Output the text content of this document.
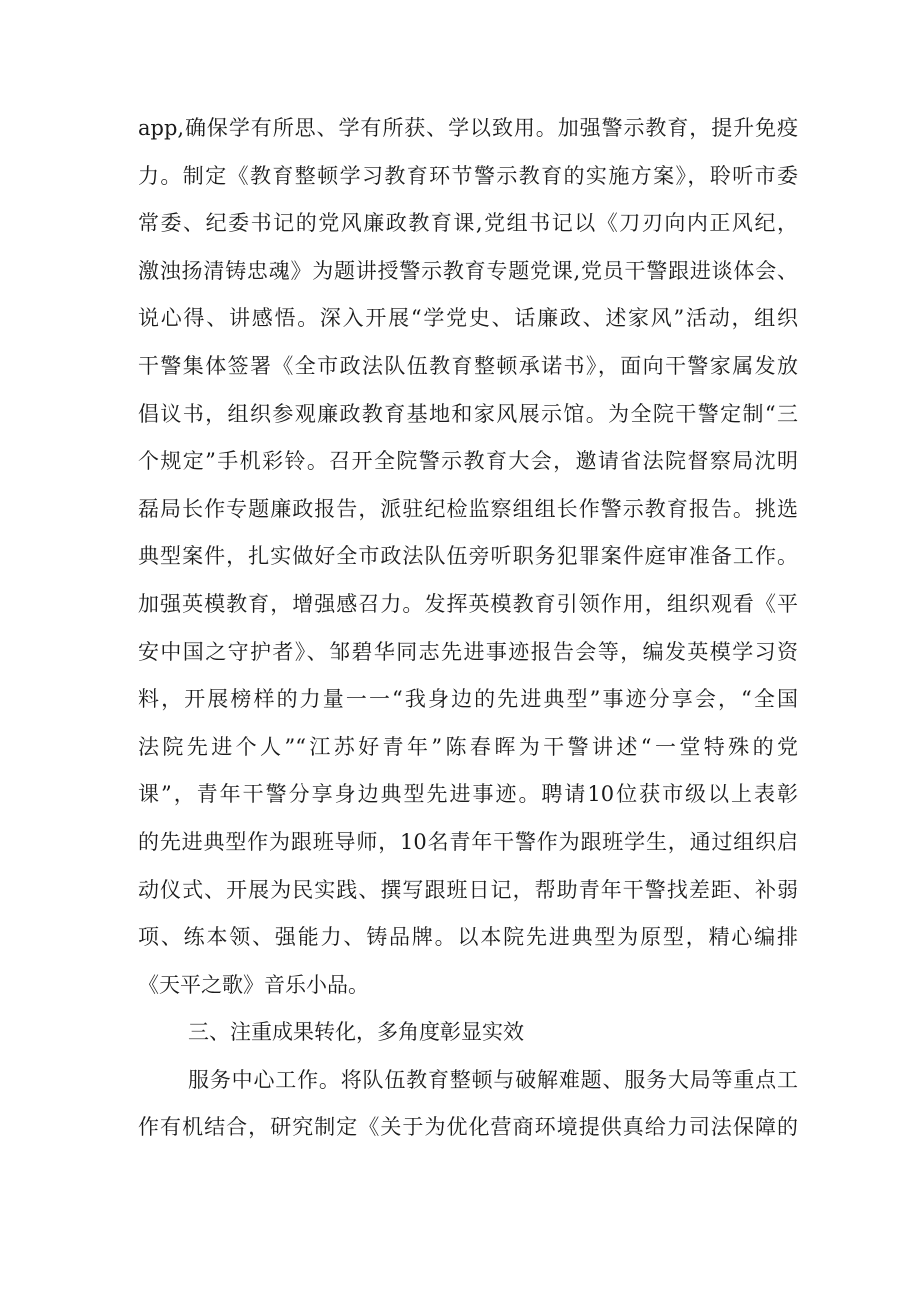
app,确保学有所思、学有所获、学以致用。加强警示教育，提升免疫
力。制定《教育整顿学习教育环节警示教育的实施方案》，聆听市委
常委、纪委书记的党风廉政教育课,党组书记以《刀刃向内正风纪，
激浊扬清铸忠魂》为题讲授警示教育专题党课,党员干警跟进谈体会、
说心得、讲感悟。深入开展“学党史、话廉政、述家风”活动，组织
干警集体签署《全市政法队伍教育整顿承诺书》，面向干警家属发放
倡议书，组织参观廉政教育基地和家风展示馆。为全院干警定制“三
个规定”手机彩铃。召开全院警示教育大会，邀请省法院督察局沈明
磊局长作专题廉政报告，派驻纪检监察组组长作警示教育报告。挑选
典型案件，扎实做好全市政法队伍旁听职务犯罪案件庭审准备工作。
加强英模教育，增强感召力。发挥英模教育引领作用，组织观看《平
安中国之守护者》、邹碧华同志先进事迹报告会等，编发英模学习资
料，开展榜样的力量一一“我身边的先进典型”事迹分享会，“全国
法院先进个人”“江苏好青年”陈春晖为干警讲述“一堂特殊的党
课”，青年干警分享身边典型先进事迹。聘请10位获市级以上表彰
的先进典型作为跟班导师，10名青年干警作为跟班学生，通过组织启
动仪式、开展为民实践、撰写跟班日记，帮助青年干警找差距、补弱
项、练本领、强能力、铸品牌。以本院先进典型为原型，精心编排
《天平之歌》音乐小品。
三、注重成果转化，多角度彰显实效
服务中心工作。将队伍教育整顿与破解难题、服务大局等重点工
作有机结合，研究制定《关于为优化营商环境提供真给力司法保障的
